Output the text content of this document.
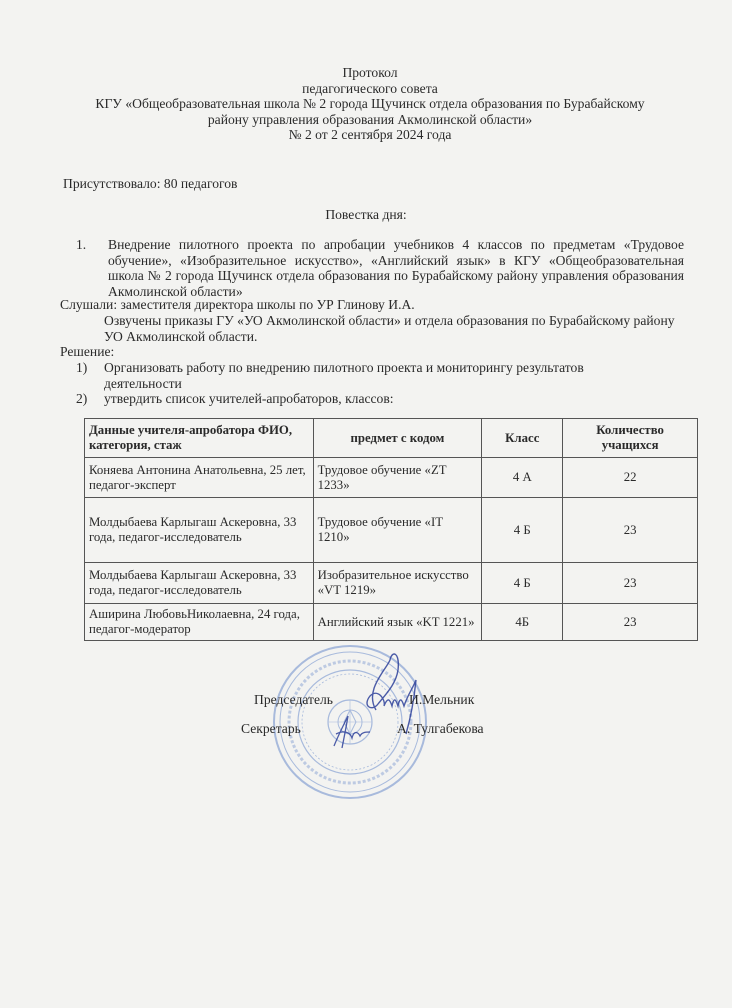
Протокол
педагогического совета
КГУ «Общеобразовательная школа № 2 города Щучинск отдела образования по Бурабайскому
району управления образования Акмолинской области»
№ 2 от 2 сентября 2024 года
Присутствовало: 80 педагогов
Повестка дня:
1.	Внедрение пилотного проекта по апробации учебников 4 классов по предметам «Трудовое обучение», «Изобразительное искусство», «Английский язык» в КГУ «Общеобразовательная школа № 2 города Щучинск отдела образования по Бурабайскому району управления образования Акмолинской области»
Слушали: заместителя директора школы по УР Глинову И.А.
Озвучены приказы ГУ «УО Акмолинской области» и отдела образования по Бурабайскому району УО Акмолинской области.
Решение:
1)	Организовать работу по внедрению пилотного проекта и мониторингу результатов деятельности
2)	утвердить список учителей-апробаторов, классов:
Данные учителя-апробатора ФИО, категория, стаж	предмет с кодом	Класс	Количество учащихся
Коняева Антонина Анатольевна, 25 лет, педагог-эксперт	Трудовое обучение «ZT 1233»	4 А	22
Молдыбаева Карлыгаш Аскеровна, 33 года, педагог-исследователь	Трудовое обучение «IT 1210»	4 Б	23
Молдыбаева Карлыгаш Аскеровна, 33 года, педагог-исследователь	Изобразительное искусство «VT 1219»	4 Б	23
Аширина ЛюбовьНиколаевна, 24 года, педагог-модератор	Английский язык «KT 1221»	4Б	23
Председатель	И.Мельник
Секретарь	А. Тулгабекова
